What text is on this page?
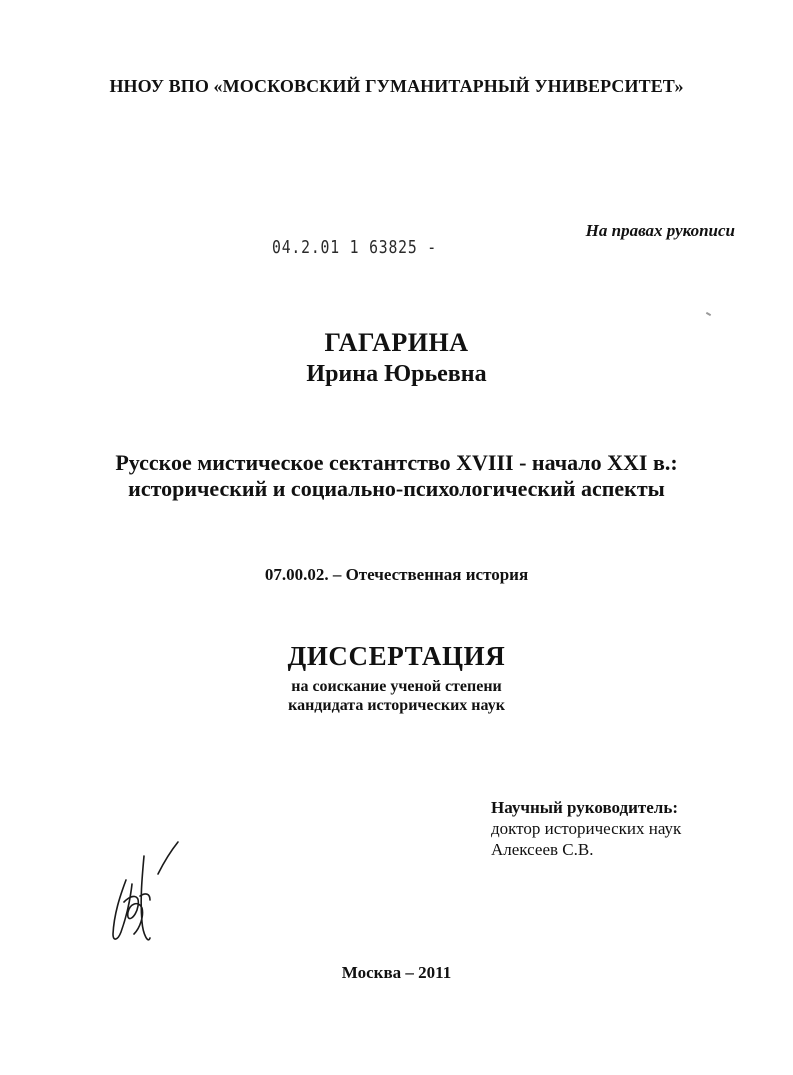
ННОУ ВПО «МОСКОВСКИЙ ГУМАНИТАРНЫЙ УНИВЕРСИТЕТ»

04.2.01 1 63825 -

На правах рукописи

ГАГАРИНА

Ирина Юрьевна

Русское мистическое сектантство XVIII - начало XXI в.:

исторический и социально-психологический аспекты

07.00.02. – Отечественная история

ДИССЕРТАЦИЯ

на соискание ученой степени

кандидата исторических наук

Научный руководитель:

доктор исторических наук

Алексеев С.В.

Москва – 2011
